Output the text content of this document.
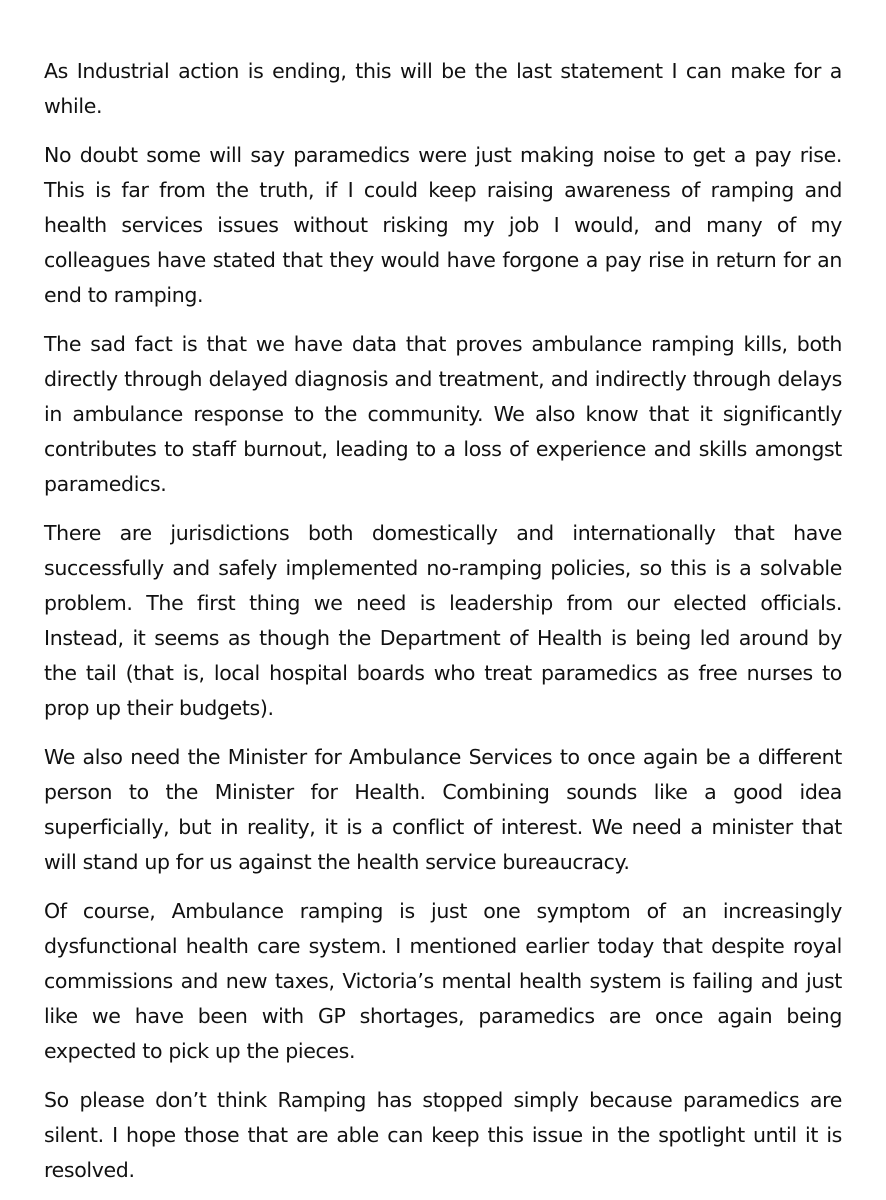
As Industrial action is ending, this will be the last statement I can make for a while.

No doubt some will say paramedics were just making noise to get a pay rise. This is far from the truth, if I could keep raising awareness of ramping and health services issues without risking my job I would, and many of my colleagues have stated that they would have forgone a pay rise in return for an end to ramping.

The sad fact is that we have data that proves ambulance ramping kills, both directly through delayed diagnosis and treatment, and indirectly through delays in ambulance response to the community. We also know that it significantly contributes to staff burnout, leading to a loss of experience and skills amongst paramedics.

There are jurisdictions both domestically and internationally that have successfully and safely implemented no-ramping policies, so this is a solvable problem. The first thing we need is leadership from our elected officials. Instead, it seems as though the Department of Health is being led around by the tail (that is, local hospital boards who treat paramedics as free nurses to prop up their budgets).

We also need the Minister for Ambulance Services to once again be a different person to the Minister for Health. Combining sounds like a good idea superficially, but in reality, it is a conflict of interest. We need a minister that will stand up for us against the health service bureaucracy.

Of course, Ambulance ramping is just one symptom of an increasingly dysfunctional health care system. I mentioned earlier today that despite royal commissions and new taxes, Victoria’s mental health system is failing and just like we have been with GP shortages, paramedics are once again being expected to pick up the pieces.

So please don’t think Ramping has stopped simply because paramedics are silent. I hope those that are able can keep this issue in the spotlight until it is resolved.
